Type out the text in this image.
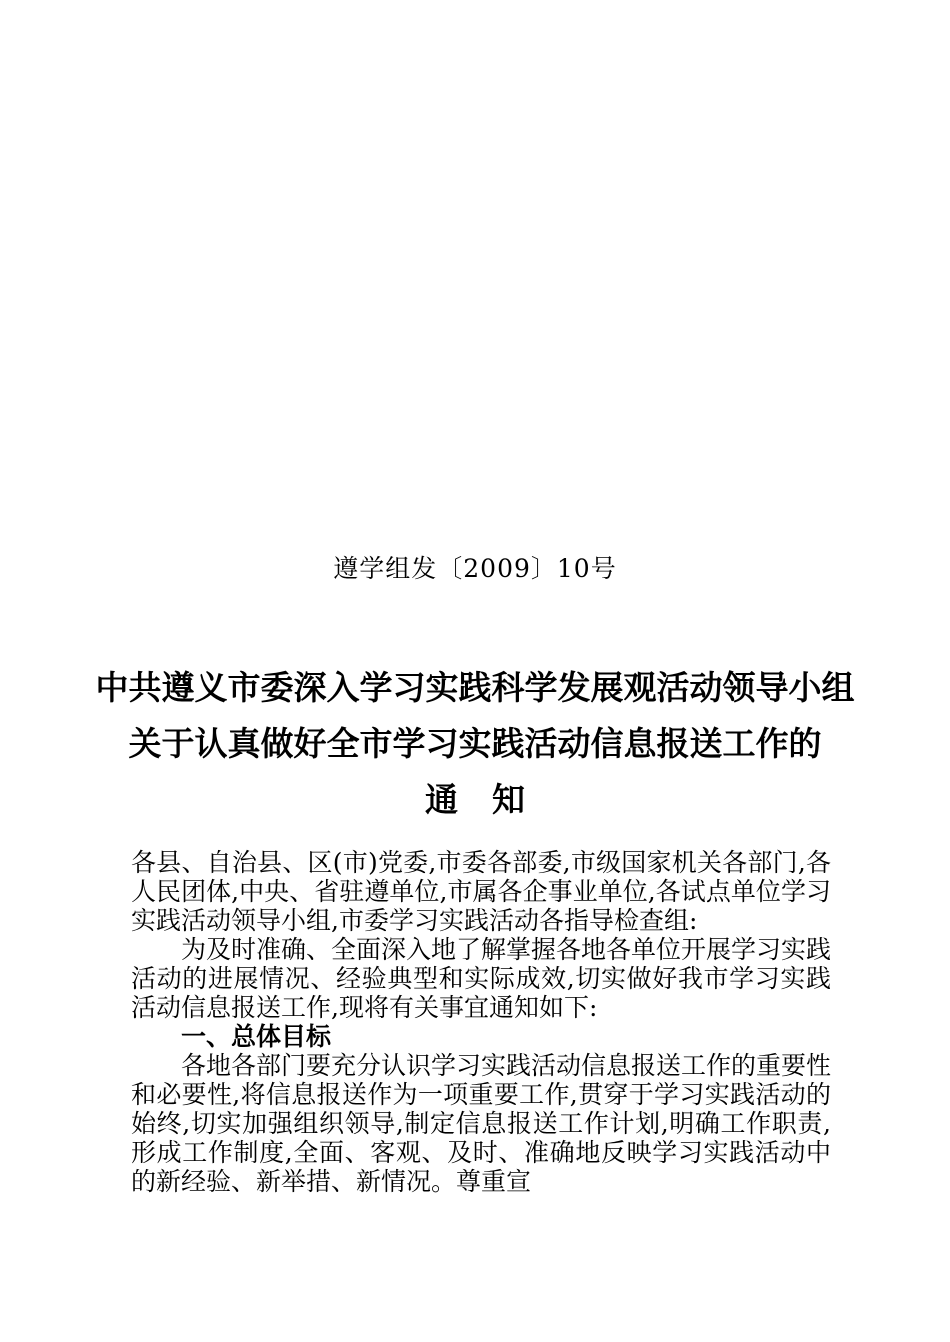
遵学组发〔2009〕10号
中共遵义市委深入学习实践科学发展观活动领导小组
关于认真做好全市学习实践活动信息报送工作的
通知

各县、自治县、区(市)党委,市委各部委,市级国家机关各部门,各人民团体,中央、省驻遵单位,市属各企事业单位,各试点单位学习实践活动领导小组,市委学习实践活动各指导检查组:

为及时准确、全面深入地了解掌握各地各单位开展学习实践活动的进展情况、经验典型和实际成效,切实做好我市学习实践活动信息报送工作,现将有关事宜通知如下:

一、总体目标

各地各部门要充分认识学习实践活动信息报送工作的重要性和必要性,将信息报送作为一项重要工作,贯穿于学习实践活动的始终,切实加强组织领导,制定信息报送工作计划,明确工作职责,形成工作制度,全面、客观、及时、准确地反映学习实践活动中的新经验、新举措、新情况。尊重宣
